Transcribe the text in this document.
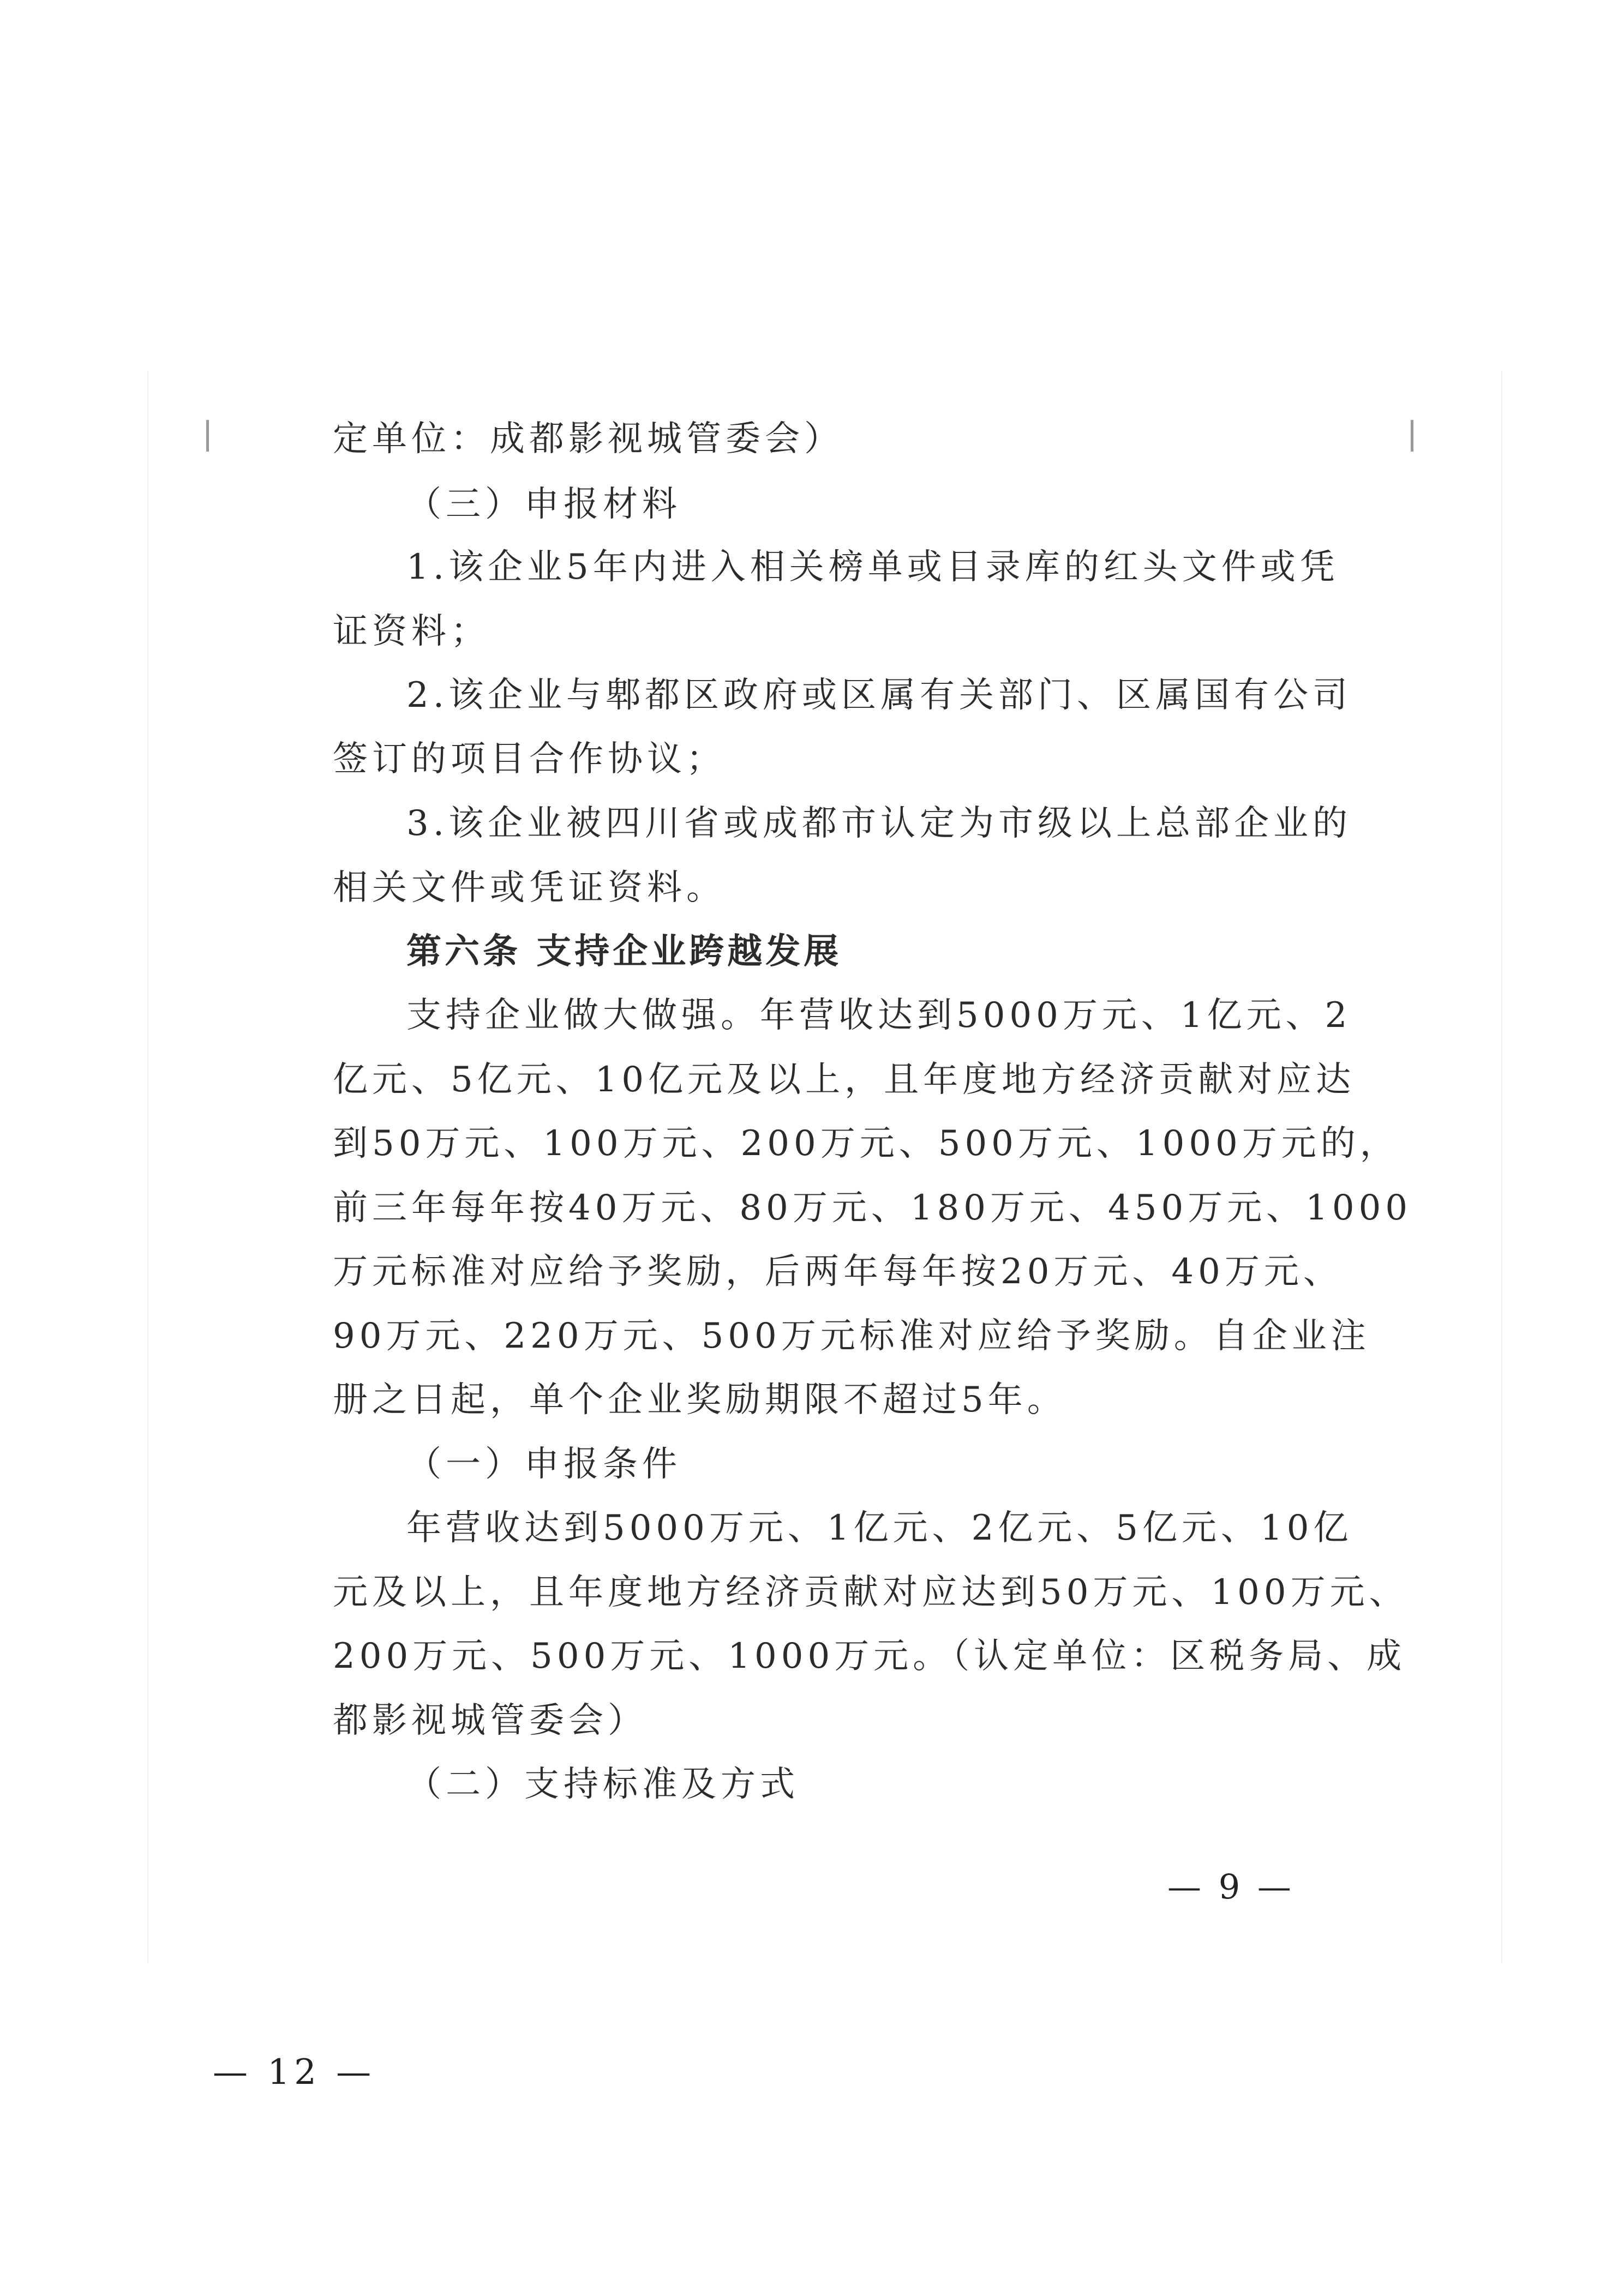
定单位：成都影视城管委会）
（三）申报材料
1.该企业5年内进入相关榜单或目录库的红头文件或凭
证资料；
2.该企业与郫都区政府或区属有关部门、区属国有公司
签订的项目合作协议；
3.该企业被四川省或成都市认定为市级以上总部企业的
相关文件或凭证资料。
第六条 支持企业跨越发展
支持企业做大做强。年营收达到5000万元、1亿元、2
亿元、5亿元、10亿元及以上，且年度地方经济贡献对应达
到50万元、100万元、200万元、500万元、1000万元的，
前三年每年按40万元、80万元、180万元、450万元、1000
万元标准对应给予奖励，后两年每年按20万元、40万元、
90万元、220万元、500万元标准对应给予奖励。自企业注
册之日起，单个企业奖励期限不超过5年。
（一）申报条件
年营收达到5000万元、1亿元、2亿元、5亿元、10亿
元及以上，且年度地方经济贡献对应达到50万元、100万元、
200万元、500万元、1000万元。（认定单位：区税务局、成
都影视城管委会）
（二）支持标准及方式
— 9 —
— 12 —
